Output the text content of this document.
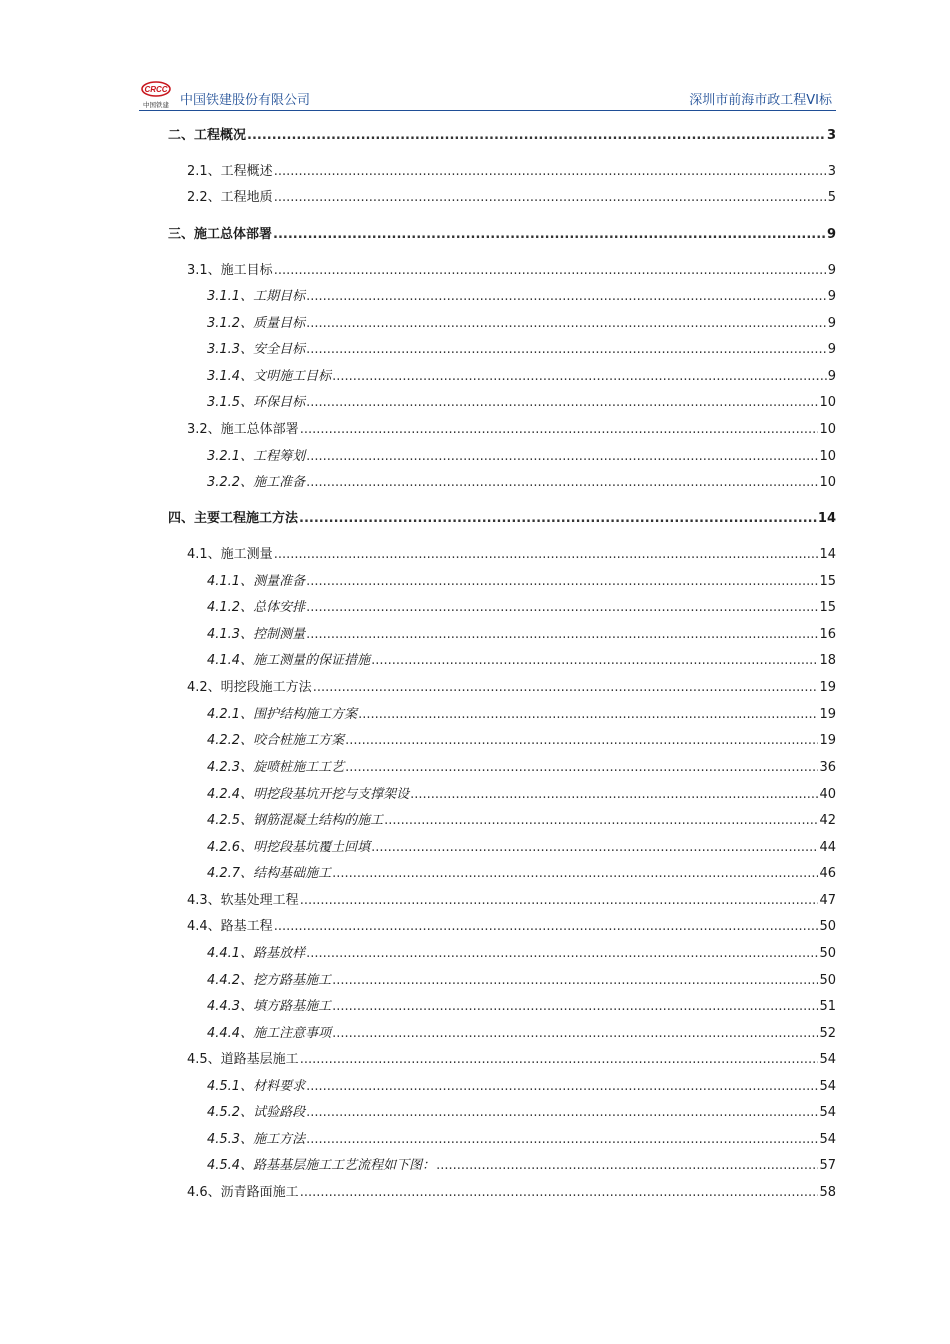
CRCC
中国铁建 中国铁建股份有限公司	深圳市前海市政工程VI标
二、工程概况 .....	3
2.1、工程概述 .....	3
2.2、工程地质 .....	5
三、施工总体部署 .....	9
3.1、施工目标 .....	9
3.1.1、工期目标 .....	9
3.1.2、质量目标 .....	9
3.1.3、安全目标 .....	9
3.1.4、文明施工目标 .....	9
3.1.5、环保目标 .....	10
3.2、施工总体部署 .....	10
3.2.1、工程筹划 .....	10
3.2.2、施工准备 .....	10
四、主要工程施工方法 .....	14
4.1、施工测量 .....	14
4.1.1、测量准备 .....	15
4.1.2、总体安排 .....	15
4.1.3、控制测量 .....	16
4.1.4、施工测量的保证措施 .....	18
4.2、明挖段施工方法 .....	19
4.2.1、围护结构施工方案 .....	19
4.2.2、咬合桩施工方案 .....	19
4.2.3、旋喷桩施工工艺 .....	36
4.2.4、明挖段基坑开挖与支撑架设 .....	40
4.2.5、钢筋混凝土结构的施工 .....	42
4.2.6、明挖段基坑覆土回填 .....	44
4.2.7、结构基础施工 .....	46
4.3、软基处理工程 .....	47
4.4、路基工程 .....	50
4.4.1、路基放样 .....	50
4.4.2、挖方路基施工 .....	50
4.4.3、填方路基施工 .....	51
4.4.4、施工注意事项 .....	52
4.5、道路基层施工 .....	54
4.5.1、材料要求 .....	54
4.5.2、试验路段 .....	54
4.5.3、施工方法 .....	54
4.5.4、路基基层施工工艺流程如下图： .....	57
4.6、沥青路面施工 .....	58
